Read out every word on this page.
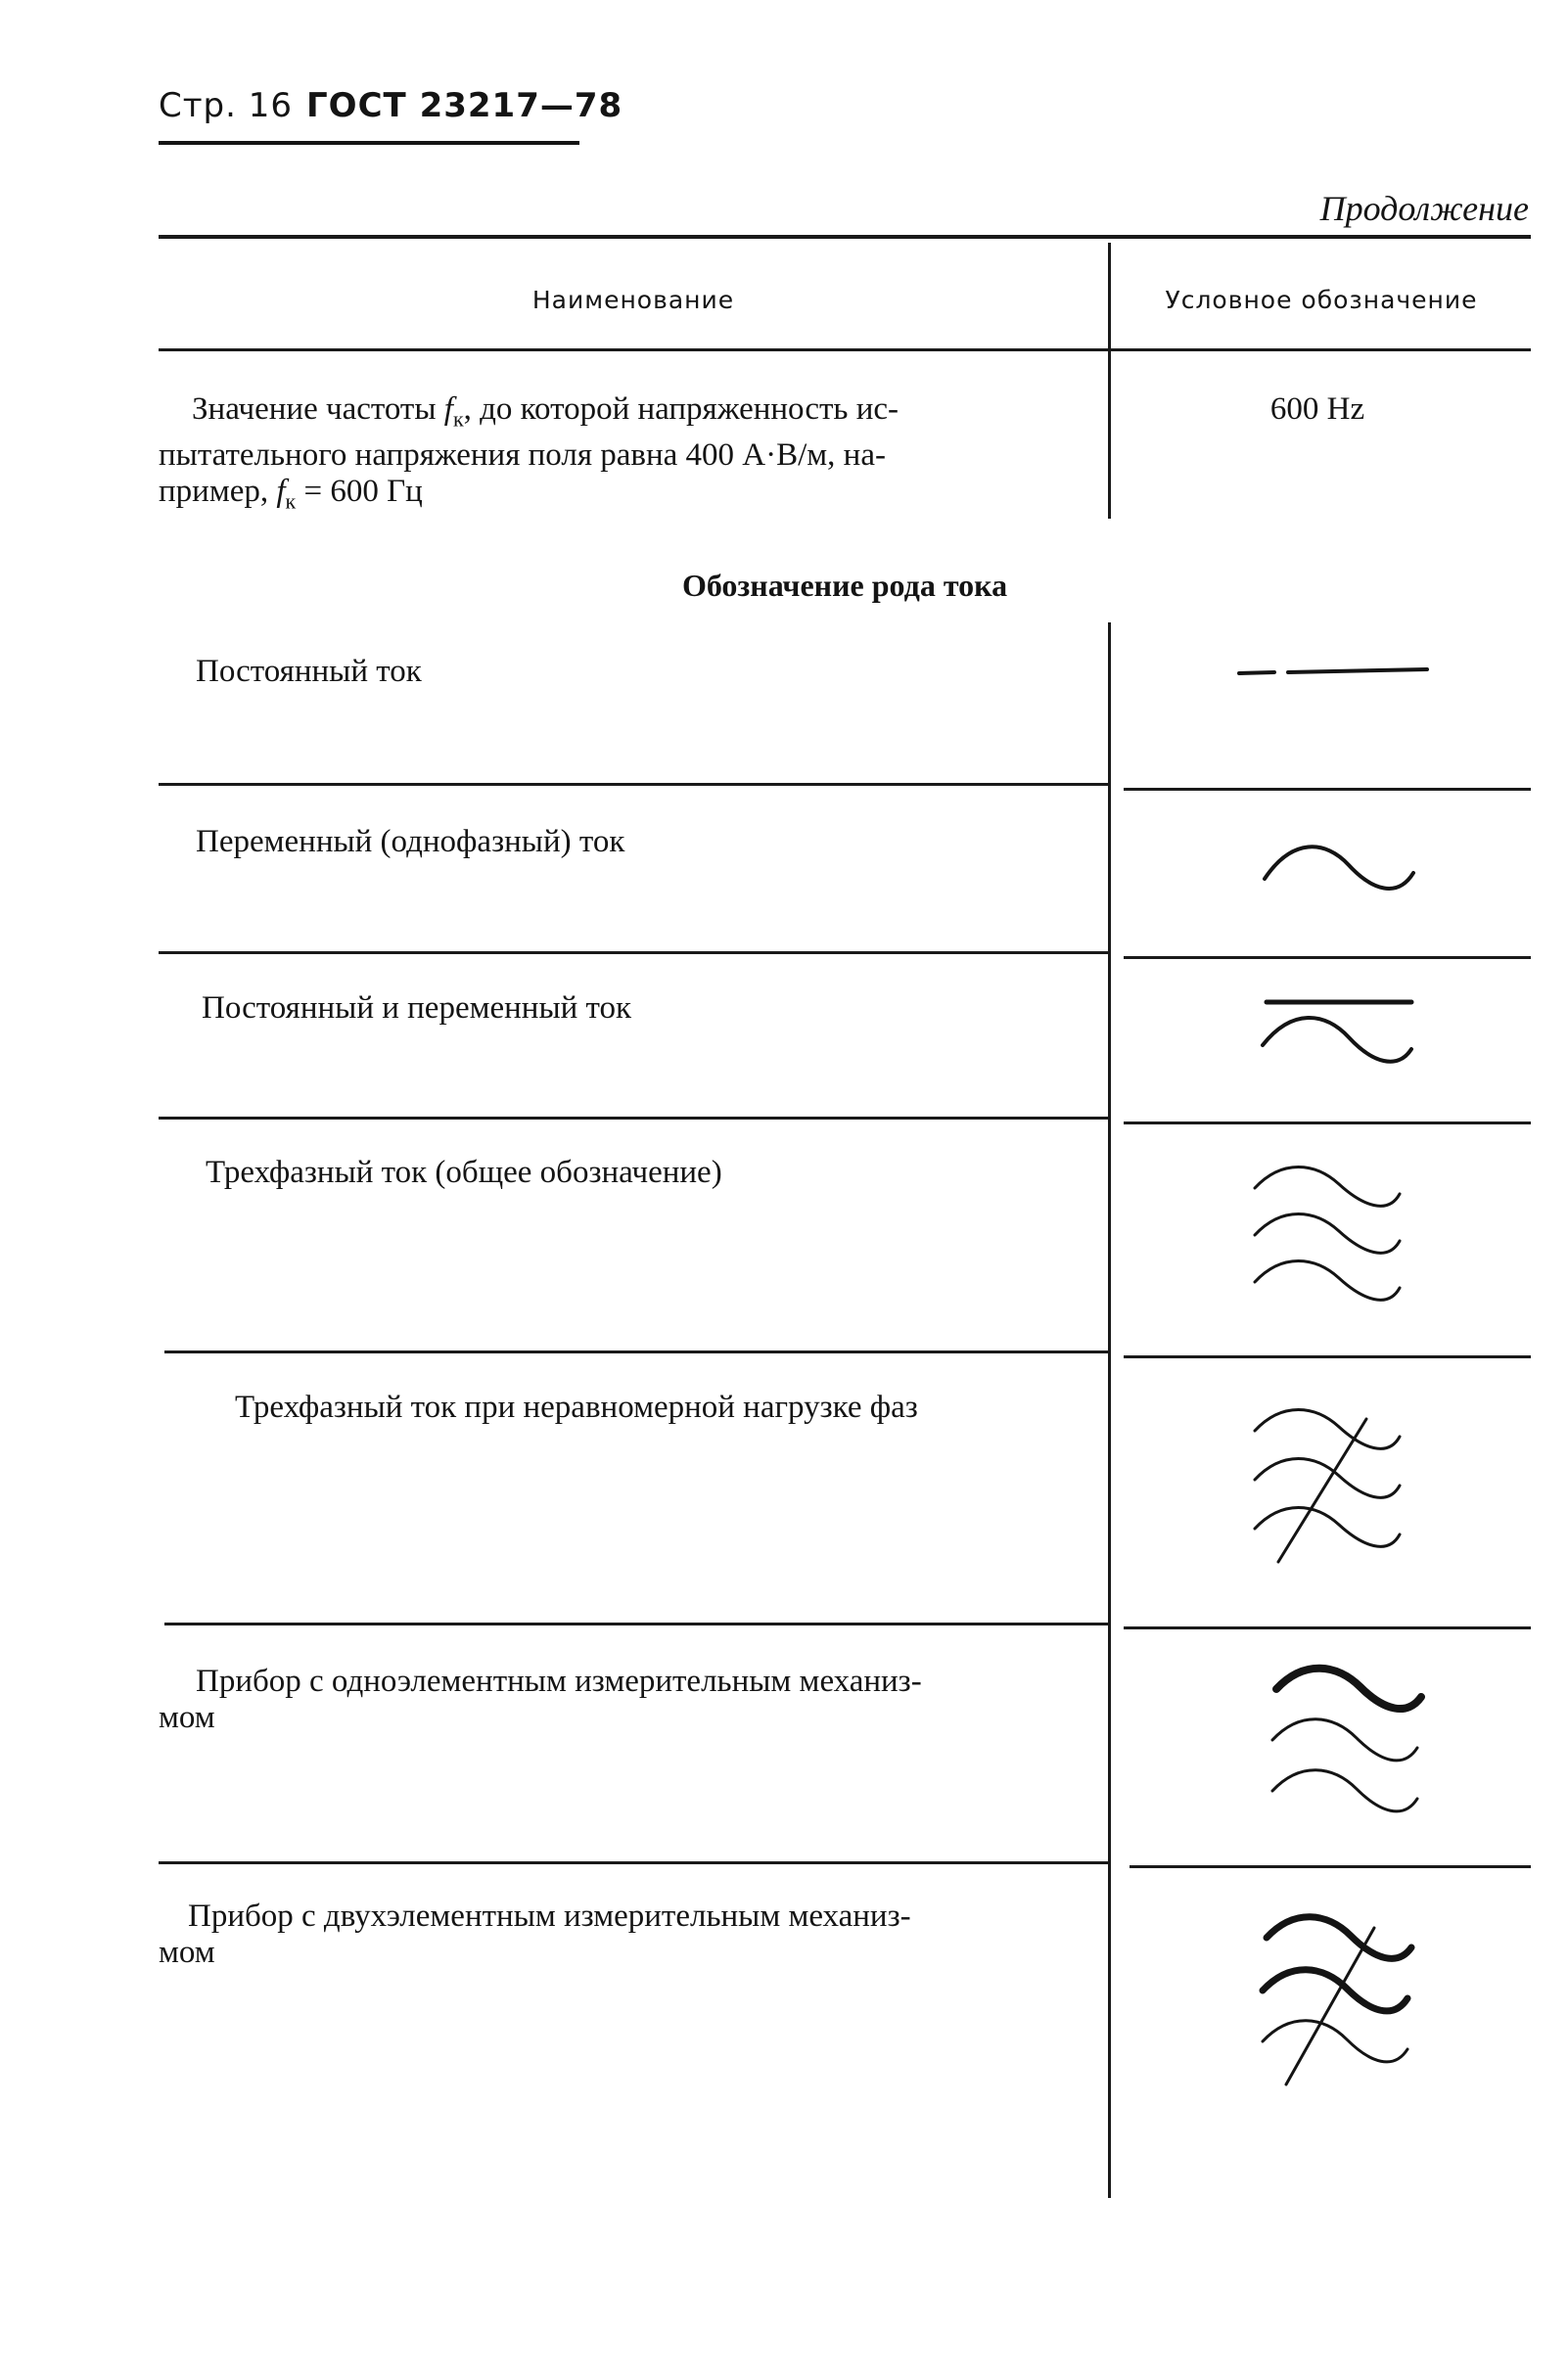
Стр. 16 ГОСТ 23217—78
Продолжение
Наименование	Условное обозначение
Значение частоты $f_к$, до которой напряженность ис-
пытательного напряжения поля равна 400 А·В/м, на-
пример, $f_к = 600$ Гц
600 Hz
Обозначение рода тока
Постоянный ток
Переменный (однофазный) ток
Постоянный и переменный ток
Трехфазный ток (общее обозначение)
Трехфазный ток при неравномерной нагрузке фаз
Прибор с одноэлементным измерительным механиз-
мом
Прибор с двухэлементным измерительным механиз-
мом
